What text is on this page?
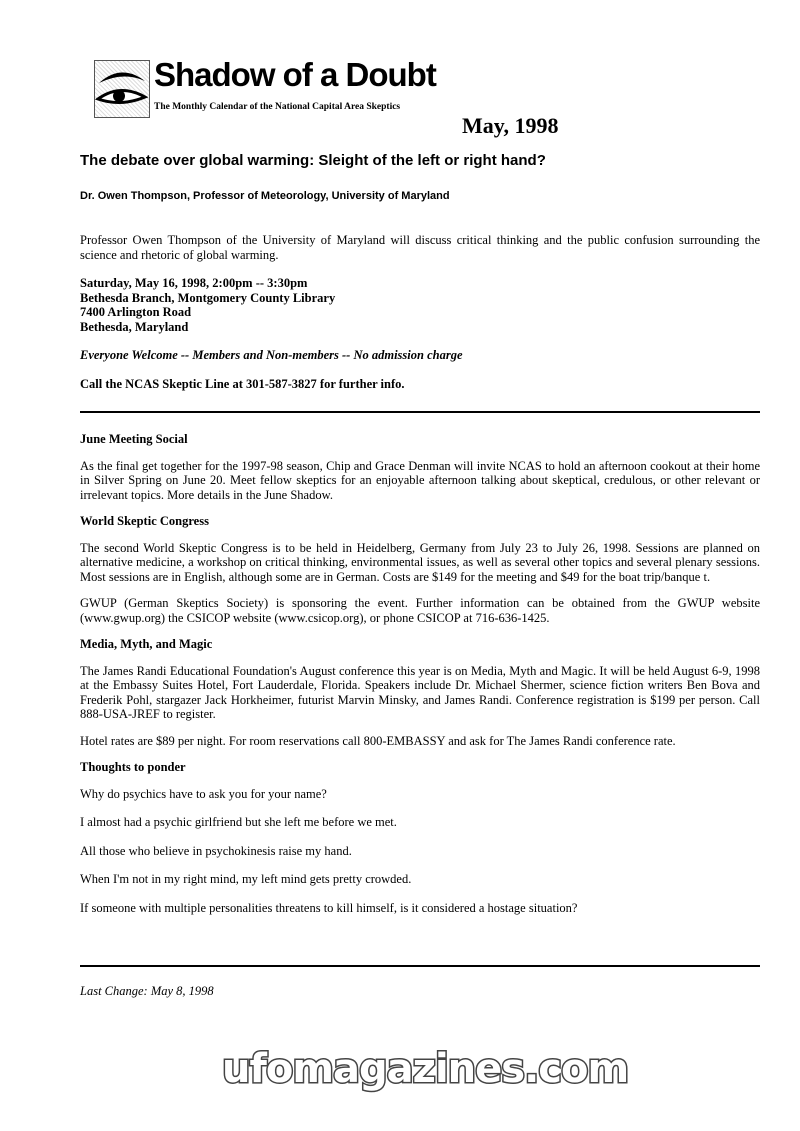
Shadow of a Doubt
The Monthly Calendar of the National Capital Area Skeptics
May, 1998
The debate over global warming: Sleight of the left or right hand?
Dr. Owen Thompson, Professor of Meteorology, University of Maryland

Professor Owen Thompson of the University of Maryland will discuss critical thinking and the public confusion surrounding the science and rhetoric of global warming.

Saturday, May 16, 1998, 2:00pm -- 3:30pm

Bethesda Branch, Montgomery County Library

7400 Arlington Road

Bethesda, Maryland

Everyone Welcome -- Members and Non-members -- No admission charge

Call the NCAS Skeptic Line at 301-587-3827 for further info.

June Meeting Social

As the final get together for the 1997-98 season, Chip and Grace Denman will invite NCAS to hold an afternoon cookout at their home in Silver Spring on June 20. Meet fellow skeptics for an enjoyable afternoon talking about skeptical, credulous, or other relevant or irrelevant topics. More details in the June Shadow.

World Skeptic Congress

The second World Skeptic Congress is to be held in Heidelberg, Germany from July 23 to July 26, 1998. Sessions are planned on alternative medicine, a workshop on critical thinking, environmental issues, as well as several other topics and several plenary sessions. Most sessions are in English, although some are in German. Costs are $149 for the meeting and $49 for the boat trip/banque t.

GWUP (German Skeptics Society) is sponsoring the event. Further information can be obtained from the GWUP website (www.gwup.org) the CSICOP website (www.csicop.org), or phone CSICOP at 716-636-1425.

Media, Myth, and Magic

The James Randi Educational Foundation's August conference this year is on Media, Myth and Magic. It will be held August 6-9, 1998 at the Embassy Suites Hotel, Fort Lauderdale, Florida. Speakers include Dr. Michael Shermer, science fiction writers Ben Bova and Frederik Pohl, stargazer Jack Horkheimer, futurist Marvin Minsky, and James Randi. Conference registration is $199 per person. Call 888-USA-JREF to register.

Hotel rates are $89 per night. For room reservations call 800-EMBASSY and ask for The James Randi conference rate.

Thoughts to ponder

Why do psychics have to ask you for your name?

I almost had a psychic girlfriend but she left me before we met.

All those who believe in psychokinesis raise my hand.

When I'm not in my right mind, my left mind gets pretty crowded.

If someone with multiple personalities threatens to kill himself, is it considered a hostage situation?

Last Change: May 8, 1998
ufomagazines.com
